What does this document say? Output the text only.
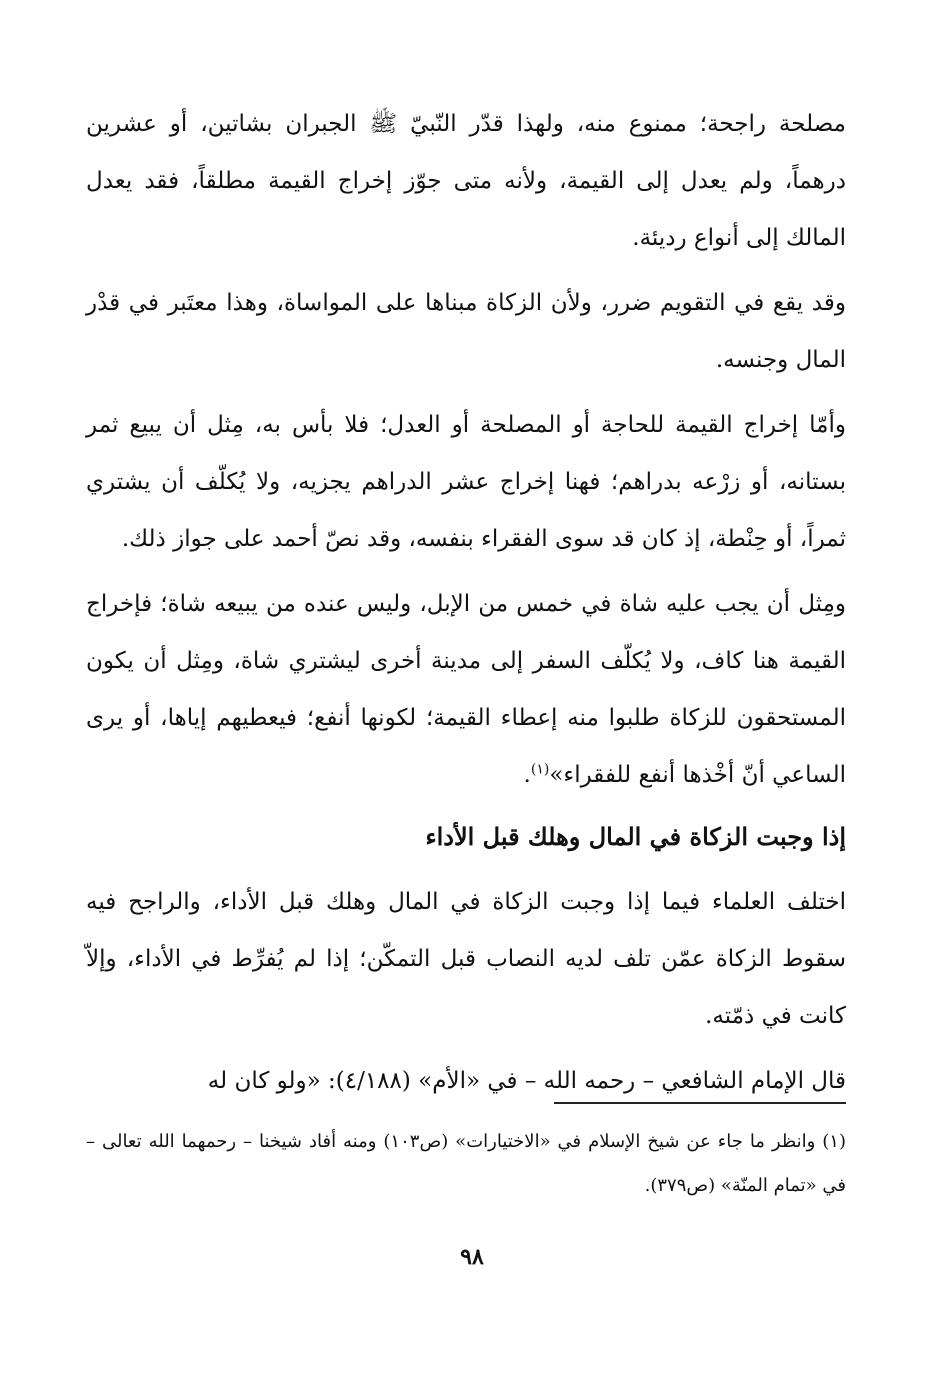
مصلحة راجحة؛ ممنوع منه، ولهذا قدّر النّبيّ ﷺ الجبران بشاتين، أو عشرين درهماً، ولم يعدل إلى القيمة، ولأنه متى جوّز إخراج القيمة مطلقاً، فقد يعدل المالك إلى أنواع رديئة.

وقد يقع في التقويم ضرر، ولأن الزكاة مبناها على المواساة، وهذا معتَبر في قدْر المال وجنسه.

وأمّا إخراج القيمة للحاجة أو المصلحة أو العدل؛ فلا بأس به، مِثل أن يبيع ثمر بستانه، أو زرْعه بدراهم؛ فهنا إخراج عشر الدراهم يجزيه، ولا يُكلّف أن يشتري ثمراً، أو حِنْطة، إذ كان قد سوى الفقراء بنفسه، وقد نصّ أحمد على جواز ذلك.

ومِثل أن يجب عليه شاة في خمس من الإبل، وليس عنده من يبيعه شاة؛ فإخراج القيمة هنا كاف، ولا يُكلّف السفر إلى مدينة أخرى ليشتري شاة، ومِثل أن يكون المستحقون للزكاة طلبوا منه إعطاء القيمة؛ لكونها أنفع؛ فيعطيهم إياها، أو يرى الساعي أنّ أخْذها أنفع للفقراء»$^{(١)}$.

إذا وجبت الزكاة في المال وهلك قبل الأداء

اختلف العلماء فيما إذا وجبت الزكاة في المال وهلك قبل الأداء، والراجح فيه سقوط الزكاة عمّن تلف لديه النصاب قبل التمكّن؛ إذا لم يُفرِّط في الأداء، وإلاّ كانت في ذمّته.

قال الإمام الشافعي – رحمه الله – في «الأم» (٤/١٨٨): «ولو كان له

(١) وانظر ما جاء عن شيخ الإسلام في «الاختيارات» (ص١٠٣) ومنه أفاد شيخنا – رحمهما الله تعالى – في «تمام المنّة» (ص٣٧٩).

٩٨
